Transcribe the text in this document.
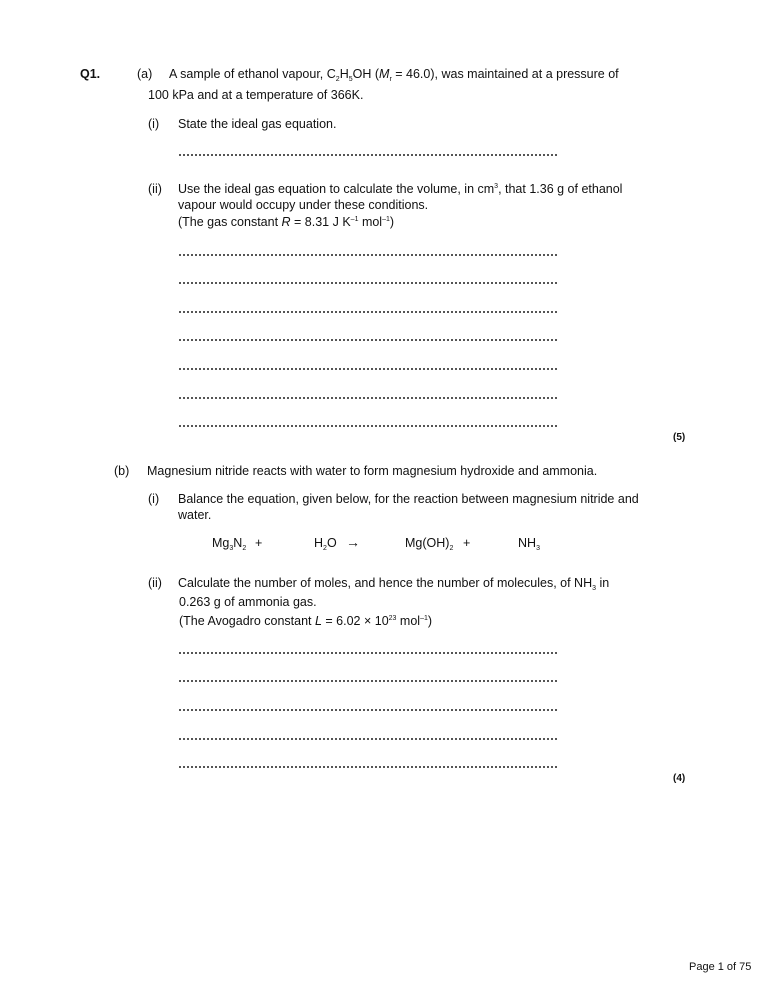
Q1.	(a) A sample of ethanol vapour, $C_2H_5OH$ $(M_r = 46.0)$, was maintained at a pressure of
100 kPa and at a temperature of 366K.
(i) State the ideal gas equation.
(ii) Use the ideal gas equation to calculate the volume, in $cm^3$, that 1.36 g of ethanol
vapour would occupy under these conditions.
(The gas constant R = 8.31 J $K^{-1}$ mol$^{-1}$)
(5)
(b) Magnesium nitride reacts with water to form magnesium hydroxide and ammonia.
(i) Balance the equation, given below, for the reaction between magnesium nitride and
water.
$Mg_3N_2$ +	$H_2O$ →	$Mg(OH)_2$ +	$NH_3$
(ii) Calculate the number of moles, and hence the number of molecules, of $NH_3$ in
0.263 g of ammonia gas.
(The Avogadro constant $L = 6.02 \times 10^{23}$ mol$^{-1}$)
(4)
Page 1 of 75
